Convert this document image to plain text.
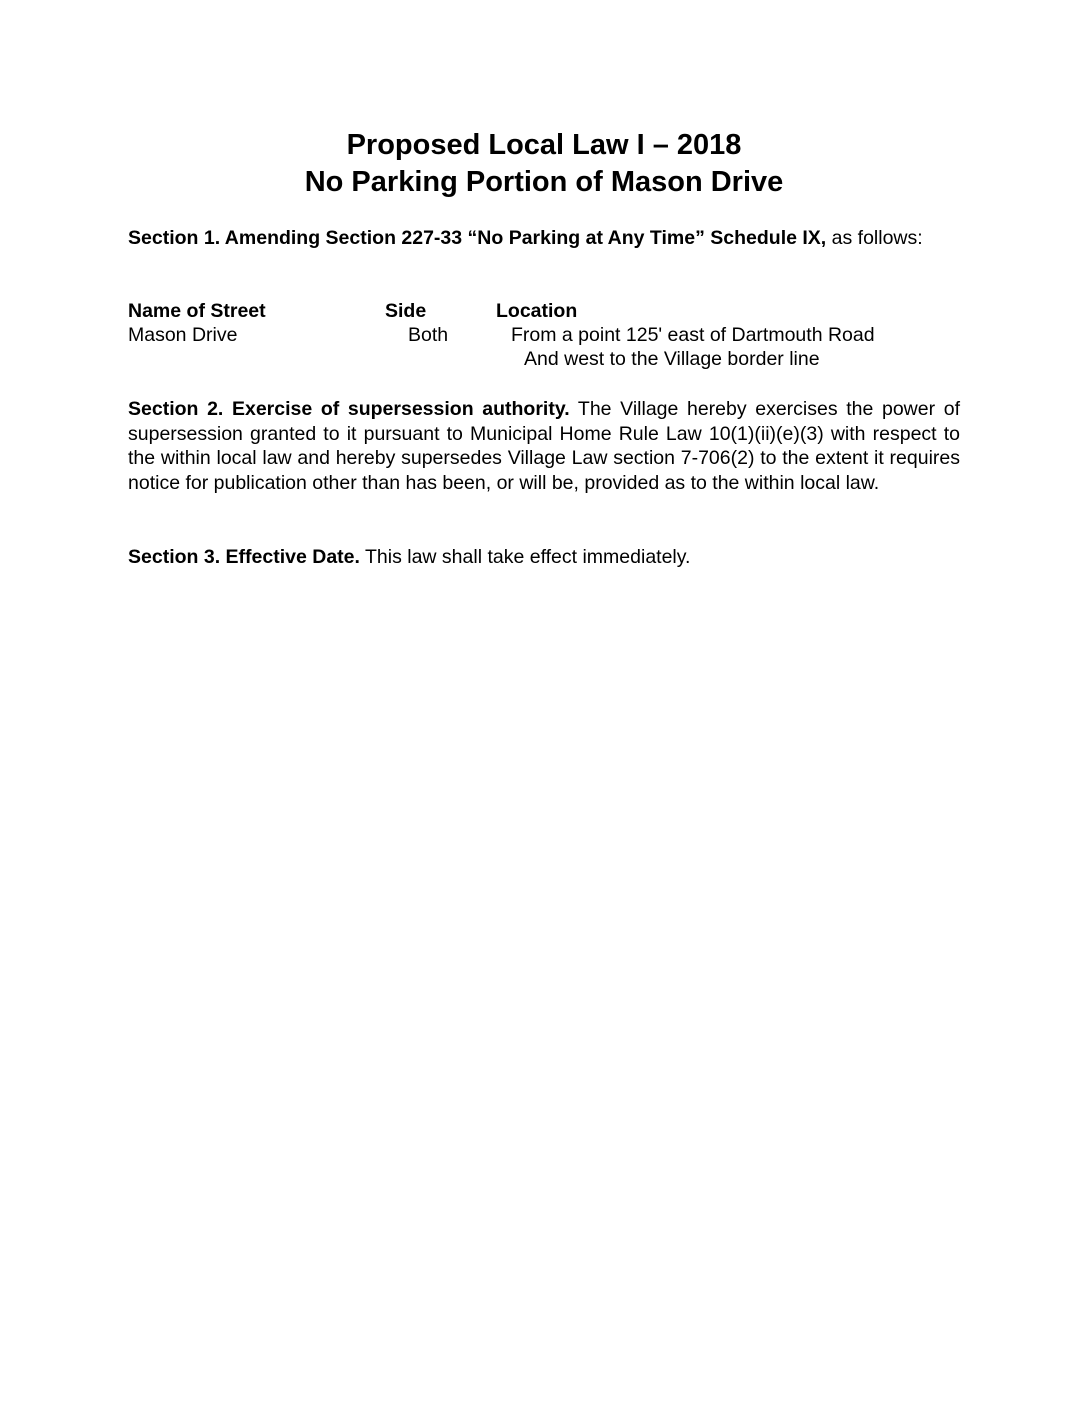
Proposed Local Law I – 2018
No Parking Portion of Mason Drive
Section 1. Amending Section 227-33 “No Parking at Any Time” Schedule IX, as follows:
Name of Street	Side	Location
Mason Drive	Both	From a point 125' east of Dartmouth Road
And west to the Village border line
Section 2. Exercise of supersession authority. The Village hereby exercises the power of supersession granted to it pursuant to Municipal Home Rule Law 10(1)(ii)(e)(3) with respect to the within local law and hereby supersedes Village Law section 7-706(2) to the extent it requires notice for publication other than has been, or will be, provided as to the within local law.
Section 3. Effective Date. This law shall take effect immediately.
